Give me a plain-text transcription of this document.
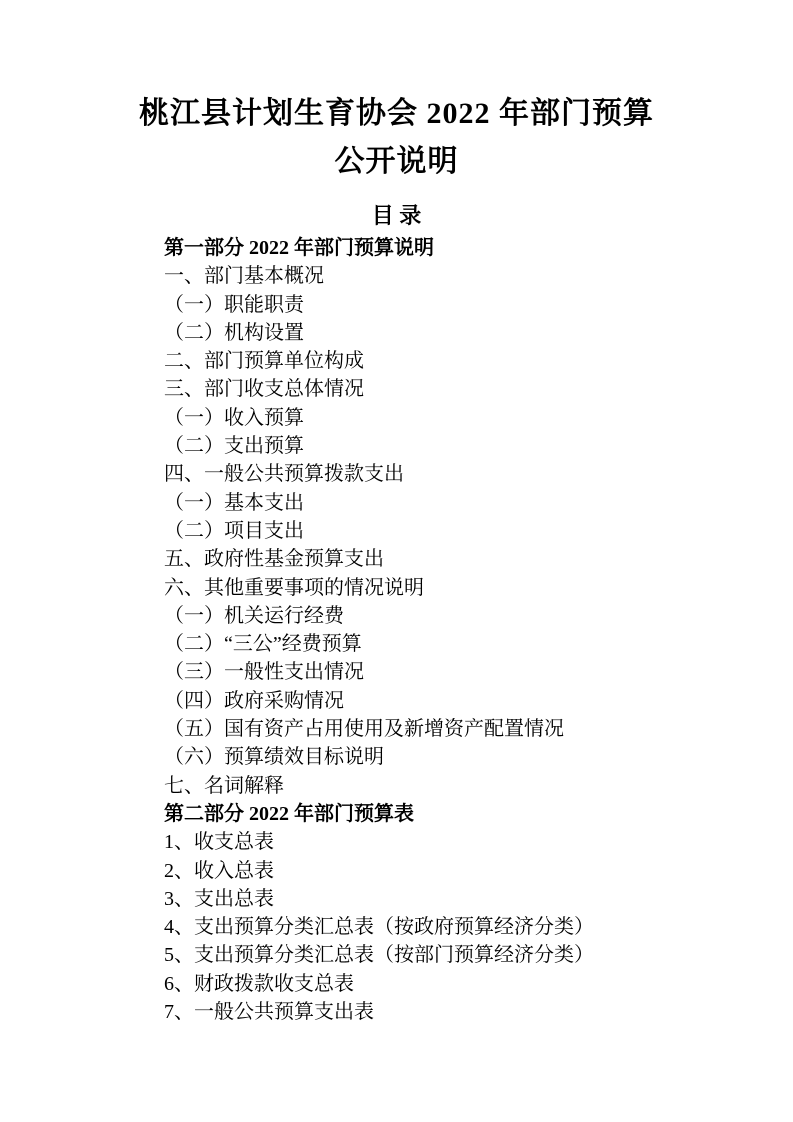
桃江县计划生育协会 2022 年部门预算
公开说明
目 录
第一部分 2022 年部门预算说明
一、部门基本概况
（一）职能职责
（二）机构设置
二、部门预算单位构成
三、部门收支总体情况
（一）收入预算
（二）支出预算
四、一般公共预算拨款支出
（一）基本支出
（二）项目支出
五、政府性基金预算支出
六、其他重要事项的情况说明
（一）机关运行经费
（二）“三公”经费预算
（三）一般性支出情况
（四）政府采购情况
（五）国有资产占用使用及新增资产配置情况
（六）预算绩效目标说明
七、名词解释
第二部分 2022 年部门预算表
1、收支总表
2、收入总表
3、支出总表
4、支出预算分类汇总表（按政府预算经济分类）
5、支出预算分类汇总表（按部门预算经济分类）
6、财政拨款收支总表
7、一般公共预算支出表
